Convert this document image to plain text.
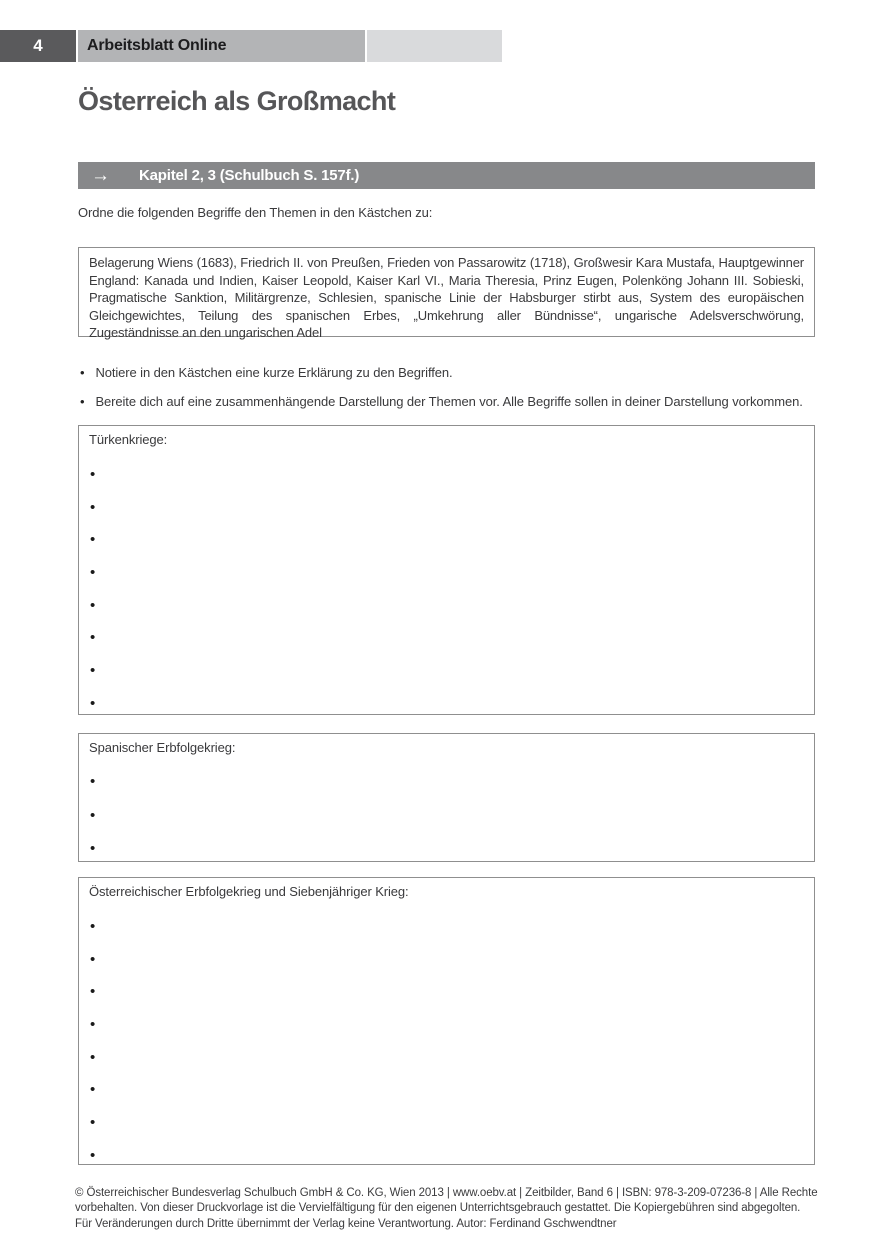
4	Arbeitsblatt Online
Österreich als Großmacht
→ Kapitel 2, 3 (Schulbuch S. 157f.)
Ordne die folgenden Begriffe den Themen in den Kästchen zu:
Belagerung Wiens (1683), Friedrich II. von Preußen, Frieden von Passarowitz (1718), Großwesir Kara Mustafa, Hauptgewinner England: Kanada und Indien, Kaiser Leopold, Kaiser Karl VI., Maria Theresia, Prinz Eugen, Polenköng Johann III. Sobieski, Pragmatische Sanktion, Militärgrenze, Schlesien, spanische Linie der Habsburger stirbt aus, System des europäischen Gleichgewichtes, Teilung des spanischen Erbes, „Umkehrung aller Bündnisse“, ungarische Adelsverschwörung, Zugeständnisse an den ungarischen Adel
• Notiere in den Kästchen eine kurze Erklärung zu den Begriffen.
• Bereite dich auf eine zusammenhängende Darstellung der Themen vor. Alle Begriffe sollen in deiner Darstellung vorkommen.
Türkenkriege:
•
•
•
•
•
•
•
•
Spanischer Erbfolgekrieg:
•
•
•
Österreichischer Erbfolgekrieg und Siebenjähriger Krieg:
•
•
•
•
•
•
•
•
© Österreichischer Bundesverlag Schulbuch GmbH & Co. KG, Wien 2013 | www.oebv.at | Zeitbilder, Band 6 | ISBN: 978-3-209-07236-8 | Alle Rechte
vorbehalten. Von dieser Druckvorlage ist die Vervielfältigung für den eigenen Unterrichtsgebrauch gestattet. Die Kopiergebühren sind abgegolten.
Für Veränderungen durch Dritte übernimmt der Verlag keine Verantwortung. Autor: Ferdinand Gschwendtner
